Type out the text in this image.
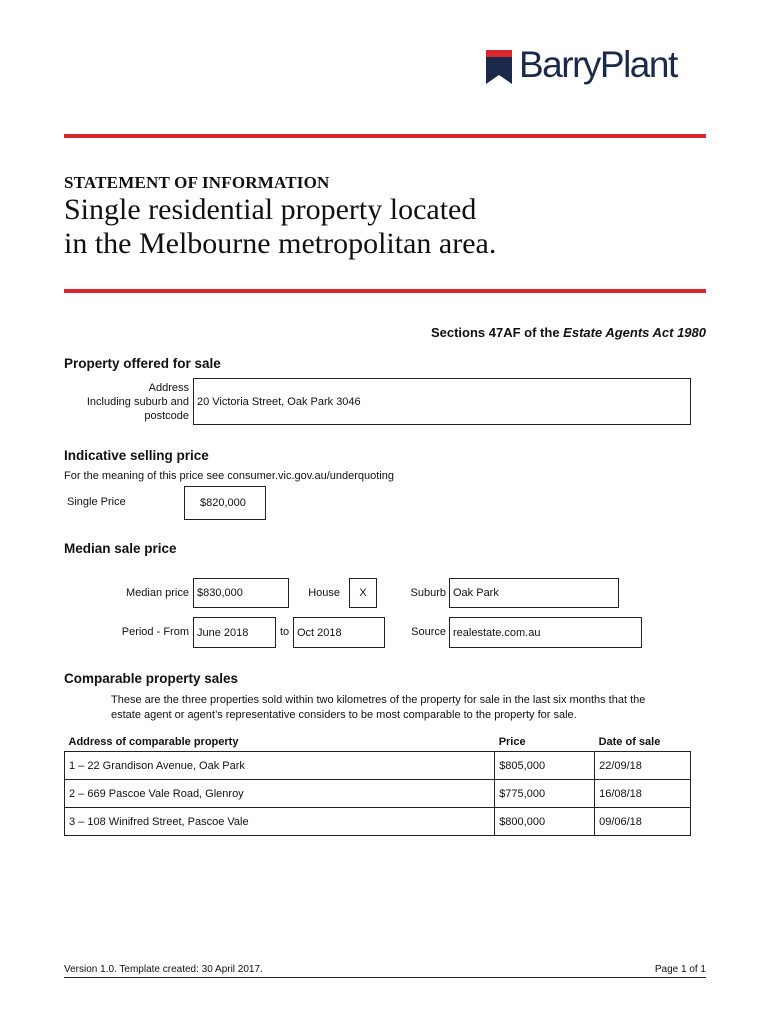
BarryPlant
STATEMENT OF INFORMATION
Single residential property located
in the Melbourne metropolitan area.
Sections 47AF of the Estate Agents Act 1980
Property offered for sale
Address
Including suburb and
postcode
20 Victoria Street, Oak Park 3046
Indicative selling price
For the meaning of this price see consumer.vic.gov.au/underquoting
Single Price	$820,000
Median sale price
Median price $830,000	House	X	Suburb Oak Park
Period - From June 2018	to Oct 2018	Source realestate.com.au
Comparable property sales
These are the three properties sold within two kilometres of the property for sale in the last six months that the
estate agent or agent’s representative considers to be most comparable to the property for sale.
Address of comparable property	Price	Date of sale
1 – 22 Grandison Avenue, Oak Park	$805,000	22/09/18
2 – 669 Pascoe Vale Road, Glenroy	$775,000	16/08/18
3 – 108 Winifred Street, Pascoe Vale	$800,000	09/06/18
Version 1.0. Template created: 30 April 2017.	Page 1 of 1
